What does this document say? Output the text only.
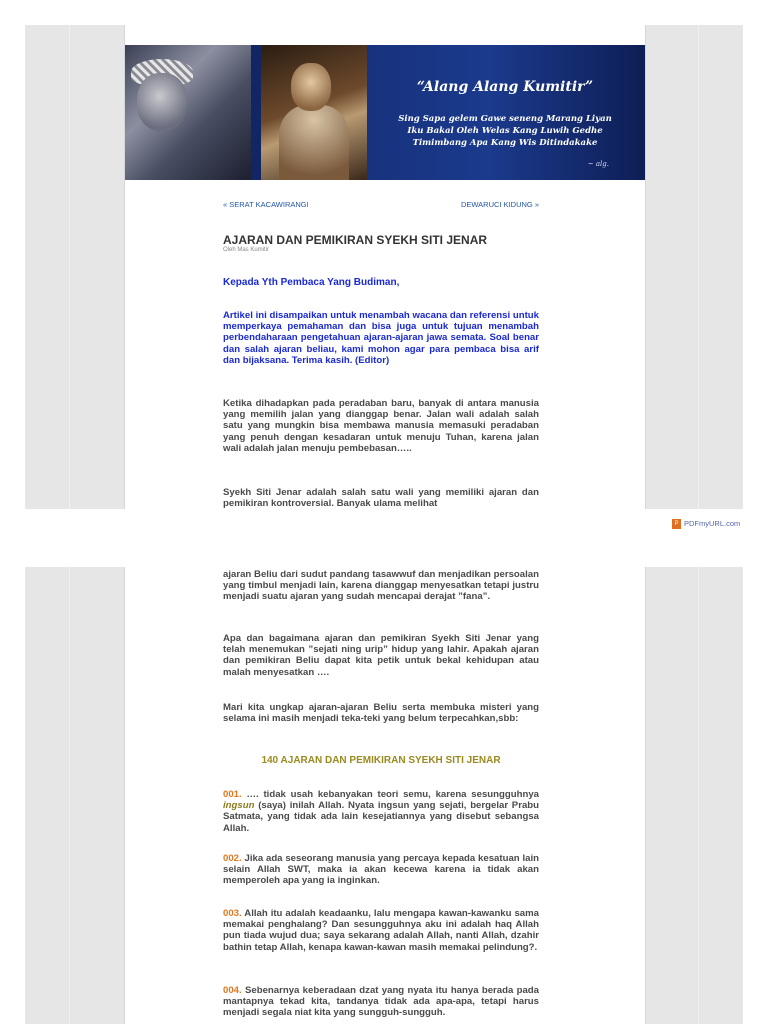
“Alang Alang Kumitir”
Sing Sapa gelem Gawe seneng Marang Liyan
Iku Bakal Oleh Welas Kang Luwih Gedhe
Timimbang Apa Kang Wis Ditindakake
~ alg.
« SERAT KACAWIRANGI	DEWARUCI KIDUNG »
AJARAN DAN PEMIKIRAN SYEKH SITI JENAR
Oleh Mas Kumitir

Kepada Yth Pembaca Yang Budiman,

Artikel ini disampaikan untuk menambah wacana dan referensi untuk memperkaya pemahaman dan bisa juga untuk tujuan menambah perbendaharaan pengetahuan ajaran-ajaran jawa semata. Soal benar dan salah ajaran beliau, kami mohon agar para pembaca bisa arif dan bijaksana. Terima kasih. (Editor)

Ketika dihadapkan pada peradaban baru, banyak di antara manusia yang memilih jalan yang dianggap benar. Jalan wali adalah salah satu yang mungkin bisa membawa manusia memasuki peradaban yang penuh dengan kesadaran untuk menuju Tuhan, karena jalan wali adalah jalan menuju pembebasan…..

Syekh Siti Jenar adalah salah satu wali yang memiliki ajaran dan pemikiran kontroversial. Banyak ulama melihat

P PDFmyURL.com

ajaran Beliu dari sudut pandang tasawwuf dan menjadikan persoalan yang timbul menjadi lain, karena dianggap menyesatkan tetapi justru menjadi suatu ajaran yang sudah mencapai derajat ”fana”.

Apa dan bagaimana ajaran dan pemikiran Syekh Siti Jenar yang telah menemukan ”sejati ning urip” hidup yang lahir. Apakah ajaran dan pemikiran Beliu dapat kita petik untuk bekal kehidupan atau malah menyesatkan ….

Mari kita ungkap ajaran-ajaran Beliu serta membuka misteri yang selama ini masih menjadi teka-teki yang belum terpecahkan,sbb:

140 AJARAN DAN PEMIKIRAN SYEKH SITI JENAR

001. …. tidak usah kebanyakan teori semu, karena sesungguhnya ingsun (saya) inilah Allah. Nyata ingsun yang sejati, bergelar Prabu Satmata, yang tidak ada lain kesejatiannya yang disebut sebangsa Allah.

002. Jika ada seseorang manusia yang percaya kepada kesatuan lain selain Allah SWT, maka ia akan kecewa karena ia tidak akan memperoleh apa yang ia inginkan.

003. Allah itu adalah keadaanku, lalu mengapa kawan-kawanku sama memakai penghalang? Dan sesungguhnya aku ini adalah haq Allah pun tiada wujud dua; saya sekarang adalah Allah, nanti Allah, dzahir bathin tetap Allah, kenapa kawan-kawan masih memakai pelindung?.

004. Sebenarnya keberadaan dzat yang nyata itu hanya berada pada mantapnya tekad kita, tandanya tidak ada apa-apa, tetapi harus menjadi segala niat kita yang sungguh-sungguh.
